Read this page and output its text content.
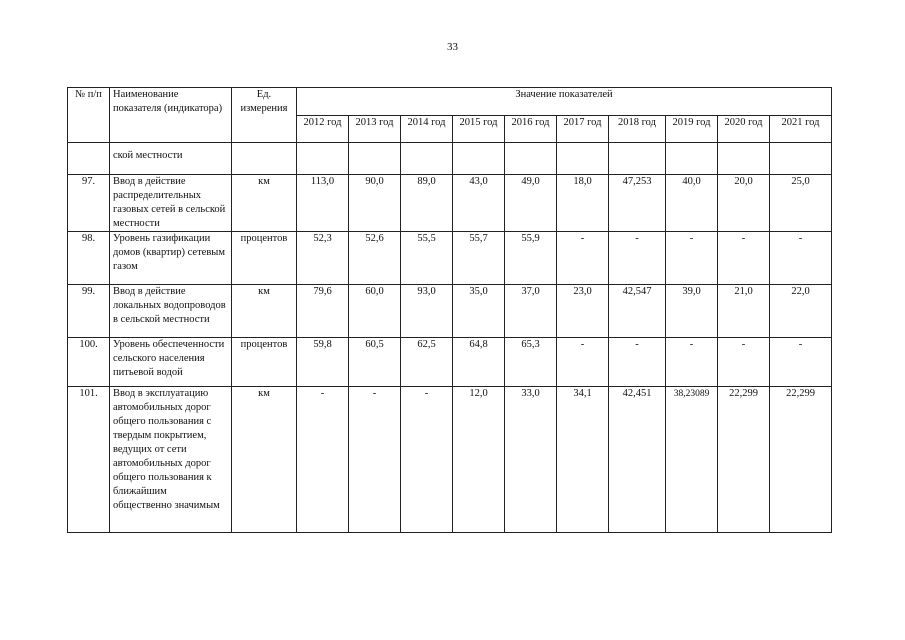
33
№ п/п	Наименование показателя (индикатора)	Ед. измерения	Значение показателей									
			2012 год	2013 год	2014 год	2015 год	2016 год	2017 год	2018 год	2019 год	2020 год	2021 год
	ской местности											
97.	Ввод в действие распределительных газовых сетей в сельской местности	км	113,0	90,0	89,0	43,0	49,0	18,0	47,253	40,0	20,0	25,0
98.	Уровень газификации домов (квартир) сетевым газом	процентов	52,3	52,6	55,5	55,7	55,9	-	-	-	-	-
99.	Ввод в действие локальных водопроводов в сельской местности	км	79,6	60,0	93,0	35,0	37,0	23,0	42,547	39,0	21,0	22,0
100.	Уровень обеспеченности сельского населения питьевой водой	процентов	59,8	60,5	62,5	64,8	65,3	-	-	-	-	-
101.	Ввод в эксплуатацию автомобильных дорог общего пользования с твердым покрытием, ведущих от сети автомобильных дорог общего пользования к ближайшим общественно значимым	км	-	-	-	12,0	33,0	34,1	42,451	38,23089	22,299	22,299
